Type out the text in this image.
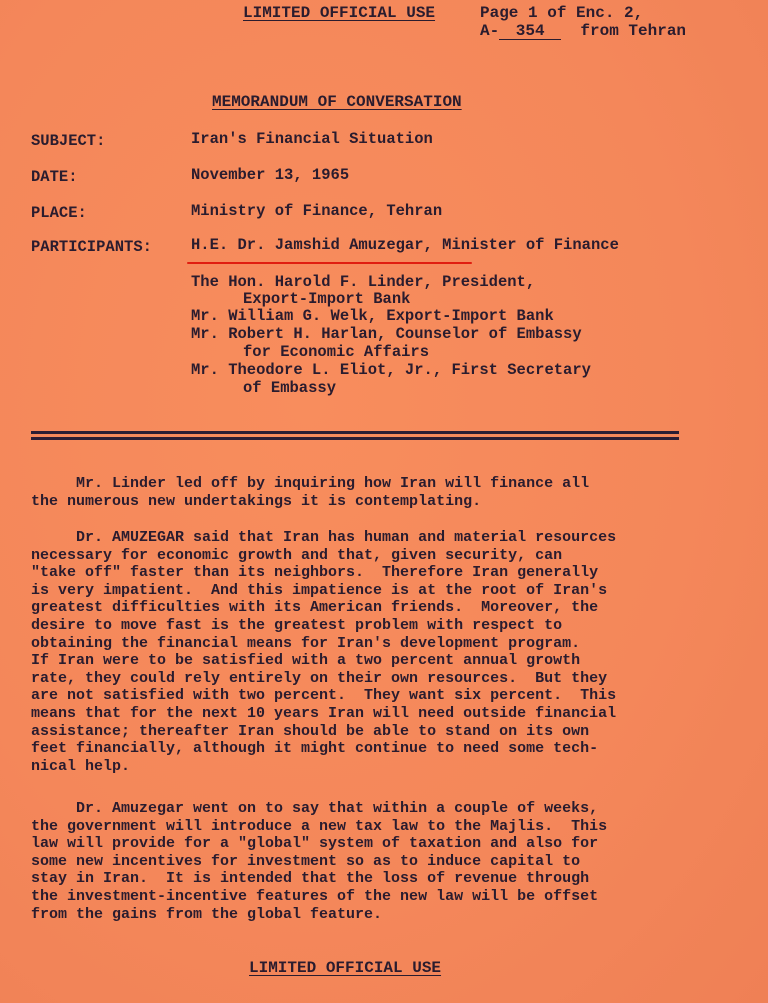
LIMITED OFFICIAL USE	Page 1 of Enc. 2,
A- 354 from Tehran
MEMORANDUM OF CONVERSATION
SUBJECT:	Iran's Financial Situation
DATE:	November 13, 1965
PLACE:	Ministry of Finance, Tehran
PARTICIPANTS:	H.E. Dr. Jamshid Amuzegar, Minister of Finance
The Hon. Harold F. Linder, President,
Export-Import Bank
Mr. William G. Welk, Export-Import Bank
Mr. Robert H. Harlan, Counselor of Embassy
for Economic Affairs
Mr. Theodore L. Eliot, Jr., First Secretary
of Embassy
Mr. Linder led off by inquiring how Iran will finance all
the numerous new undertakings it is contemplating.
Dr. AMUZEGAR said that Iran has human and material resources
necessary for economic growth and that, given security, can
"take off" faster than its neighbors.  Therefore Iran generally
is very impatient.  And this impatience is at the root of Iran's
greatest difficulties with its American friends.  Moreover, the
desire to move fast is the greatest problem with respect to
obtaining the financial means for Iran's development program.
If Iran were to be satisfied with a two percent annual growth
rate, they could rely entirely on their own resources.  But they
are not satisfied with two percent.  They want six percent.  This
means that for the next 10 years Iran will need outside financial
assistance; thereafter Iran should be able to stand on its own
feet financially, although it might continue to need some tech-
nical help.
Dr. Amuzegar went on to say that within a couple of weeks,
the government will introduce a new tax law to the Majlis.  This
law will provide for a "global" system of taxation and also for
some new incentives for investment so as to induce capital to
stay in Iran.  It is intended that the loss of revenue through
the investment-incentive features of the new law will be offset
from the gains from the global feature.
LIMITED OFFICIAL USE
